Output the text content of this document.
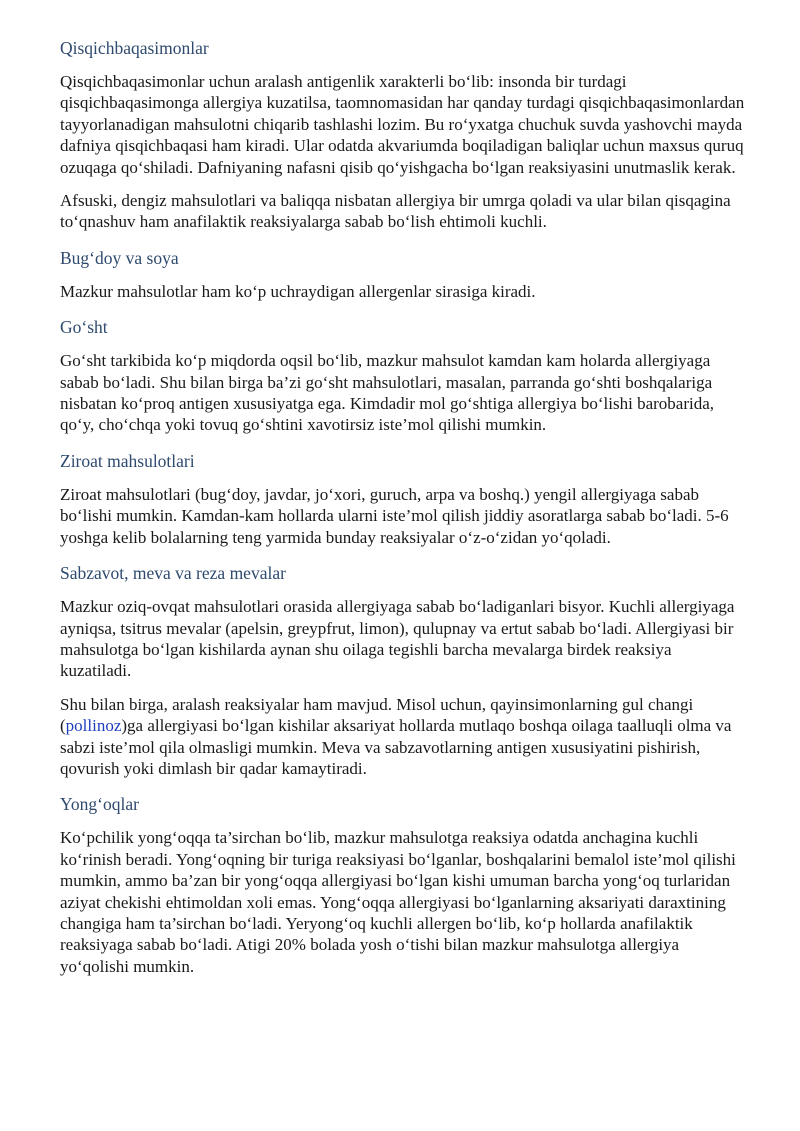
Qisqichbaqasimonlar

Qisqichbaqasimonlar uchun aralash antigenlik xarakterli bo‘lib: insonda bir turdagi qisqichbaqasimonga allergiya kuzatilsa, taomnomasidan har qanday turdagi qisqichbaqasimonlardan tayyorlanadigan mahsulotni chiqarib tashlashi lozim. Bu ro‘yxatga chuchuk suvda yashovchi mayda dafniya qisqichbaqasi ham kiradi. Ular odatda akvariumda boqiladigan baliqlar uchun maxsus quruq ozuqaga qo‘shiladi. Dafniyaning nafasni qisib qo‘yishgacha bo‘lgan reaksiyasini unutmaslik kerak.

Afsuski, dengiz mahsulotlari va baliqqa nisbatan allergiya bir umrga qoladi va ular bilan qisqagina to‘qnashuv ham anafilaktik reaksiyalarga sabab bo‘lish ehtimoli kuchli.

Bug‘doy va soya

Mazkur mahsulotlar ham ko‘p uchraydigan allergenlar sirasiga kiradi.

Go‘sht

Go‘sht tarkibida ko‘p miqdorda oqsil bo‘lib, mazkur mahsulot kamdan kam holarda allergiyaga sabab bo‘ladi. Shu bilan birga ba’zi go‘sht mahsulotlari, masalan, parranda go‘shti boshqalariga nisbatan ko‘proq antigen xususiyatga ega. Kimdadir mol go‘shtiga allergiya bo‘lishi barobarida, qo‘y, cho‘chqa yoki tovuq go‘shtini xavotirsiz iste’mol qilishi mumkin.

Ziroat mahsulotlari

Ziroat mahsulotlari (bug‘doy, javdar, jo‘xori, guruch, arpa va boshq.) yengil allergiyaga sabab bo‘lishi mumkin. Kamdan-kam hollarda ularni iste’mol qilish jiddiy asoratlarga sabab bo‘ladi. 5-6 yoshga kelib bolalarning teng yarmida bunday reaksiyalar o‘z-o‘zidan yo‘qoladi.

Sabzavot, meva va reza mevalar

Mazkur oziq-ovqat mahsulotlari orasida allergiyaga sabab bo‘ladiganlari bisyor. Kuchli allergiyaga ayniqsa, tsitrus mevalar (apelsin, greypfrut, limon), qulupnay va ertut sabab bo‘ladi. Allergiyasi bir mahsulotga bo‘lgan kishilarda aynan shu oilaga tegishli barcha mevalarga birdek reaksiya kuzatiladi.

Shu bilan birga, aralash reaksiyalar ham mavjud. Misol uchun, qayinsimonlarning gul changi (pollinoz)ga allergiyasi bo‘lgan kishilar aksariyat hollarda mutlaqo boshqa oilaga taalluqli olma va sabzi iste’mol qila olmasligi mumkin. Meva va sabzavotlarning antigen xususiyatini pishirish, qovurish yoki dimlash bir qadar kamaytiradi.

Yong‘oqlar

Ko‘pchilik yong‘oqqa ta’sirchan bo‘lib, mazkur mahsulotga reaksiya odatda anchagina kuchli ko‘rinish beradi. Yong‘oqning bir turiga reaksiyasi bo‘lganlar, boshqalarini bemalol iste’mol qilishi mumkin, ammo ba’zan bir yong‘oqqa allergiyasi bo‘lgan kishi umuman barcha yong‘oq turlaridan aziyat chekishi ehtimoldan xoli emas. Yong‘oqqa allergiyasi bo‘lganlarning aksariyati daraxtining changiga ham ta’sirchan bo‘ladi. Yeryong‘oq kuchli allergen bo‘lib, ko‘p hollarda anafilaktik reaksiyaga sabab bo‘ladi. Atigi 20% bolada yosh o‘tishi bilan mazkur mahsulotga allergiya yo‘qolishi mumkin.
